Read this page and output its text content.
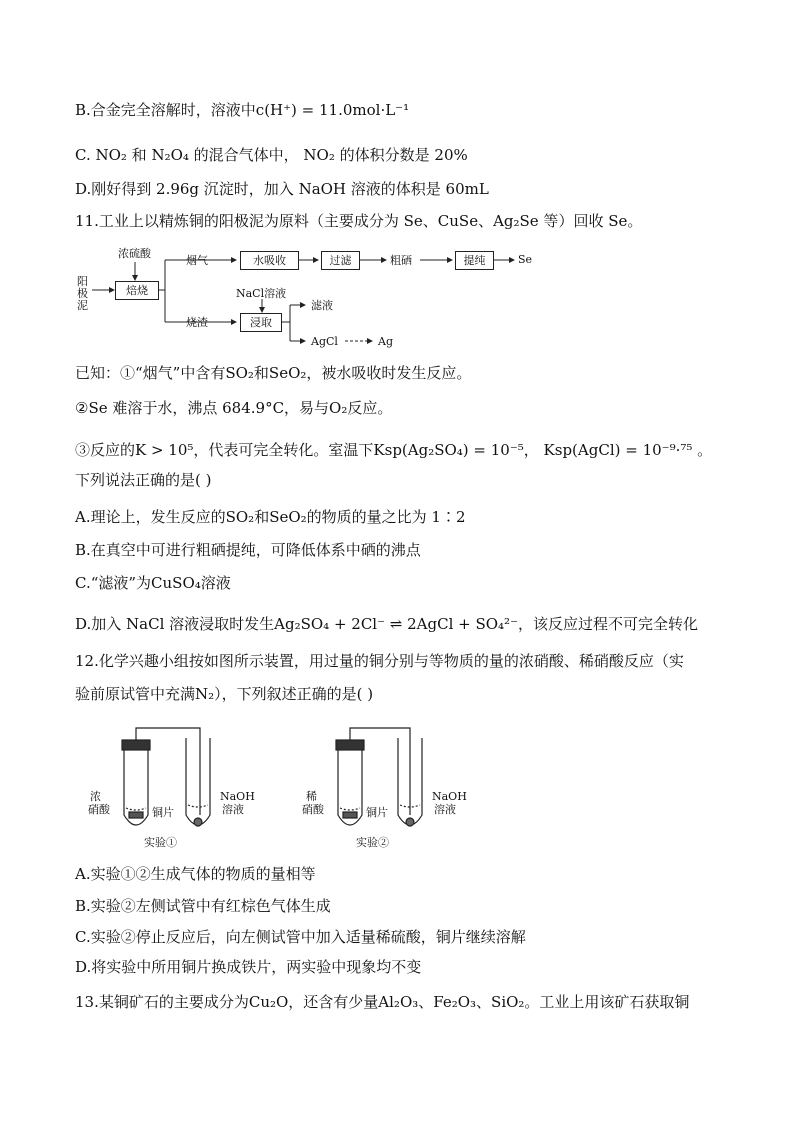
B.合金完全溶解时，溶液中c(H⁺) = 11.0mol·L⁻¹
C. NO₂ 和 N₂O₄ 的混合气体中， NO₂ 的体积分数是 20%
D.刚好得到 2.96g 沉淀时，加入 NaOH 溶液的体积是 60mL
11.工业上以精炼铜的阳极泥为原料（主要成分为 Se、CuSe、Ag₂Se 等）回收 Se。
阳
极
泥
浓硫酸
焙烧
烟气	水吸收	过滤	粗硒	提纯	Se
烧渣
NaCl溶液
浸取
滤液
AgCl	Ag
已知：①“烟气”中含有SO₂和SeO₂，被水吸收时发生反应。
②Se 难溶于水，沸点 684.9°C，易与O₂反应。
③反应的K > 10⁵，代表可完全转化。室温下Ksp(Ag₂SO₄) = 10⁻⁵， Ksp(AgCl) = 10⁻⁹·⁷⁵ 。
下列说法正确的是( )
A.理论上，发生反应的SO₂和SeO₂的物质的量之比为 1∶2
B.在真空中可进行粗硒提纯，可降低体系中硒的沸点
C.“滤液”为CuSO₄溶液
D.加入 NaCl 溶液浸取时发生Ag₂SO₄ + 2Cl⁻ ⇌ 2AgCl + SO₄²⁻，该反应过程不可完全转化
12.化学兴趣小组按如图所示装置，用过量的铜分别与等物质的量的浓硝酸、稀硝酸反应（实
验前原试管中充满N₂），下列叙述正确的是( )
浓
硝酸	铜片
NaOH
溶液
实验①
稀
硝酸	铜片
NaOH
溶液
实验②
A.实验①②生成气体的物质的量相等
B.实验②左侧试管中有红棕色气体生成
C.实验②停止反应后，向左侧试管中加入适量稀硫酸，铜片继续溶解
D.将实验中所用铜片换成铁片，两实验中现象均不变
13.某铜矿石的主要成分为Cu₂O，还含有少量Al₂O₃、Fe₂O₃、SiO₂。工业上用该矿石获取铜
